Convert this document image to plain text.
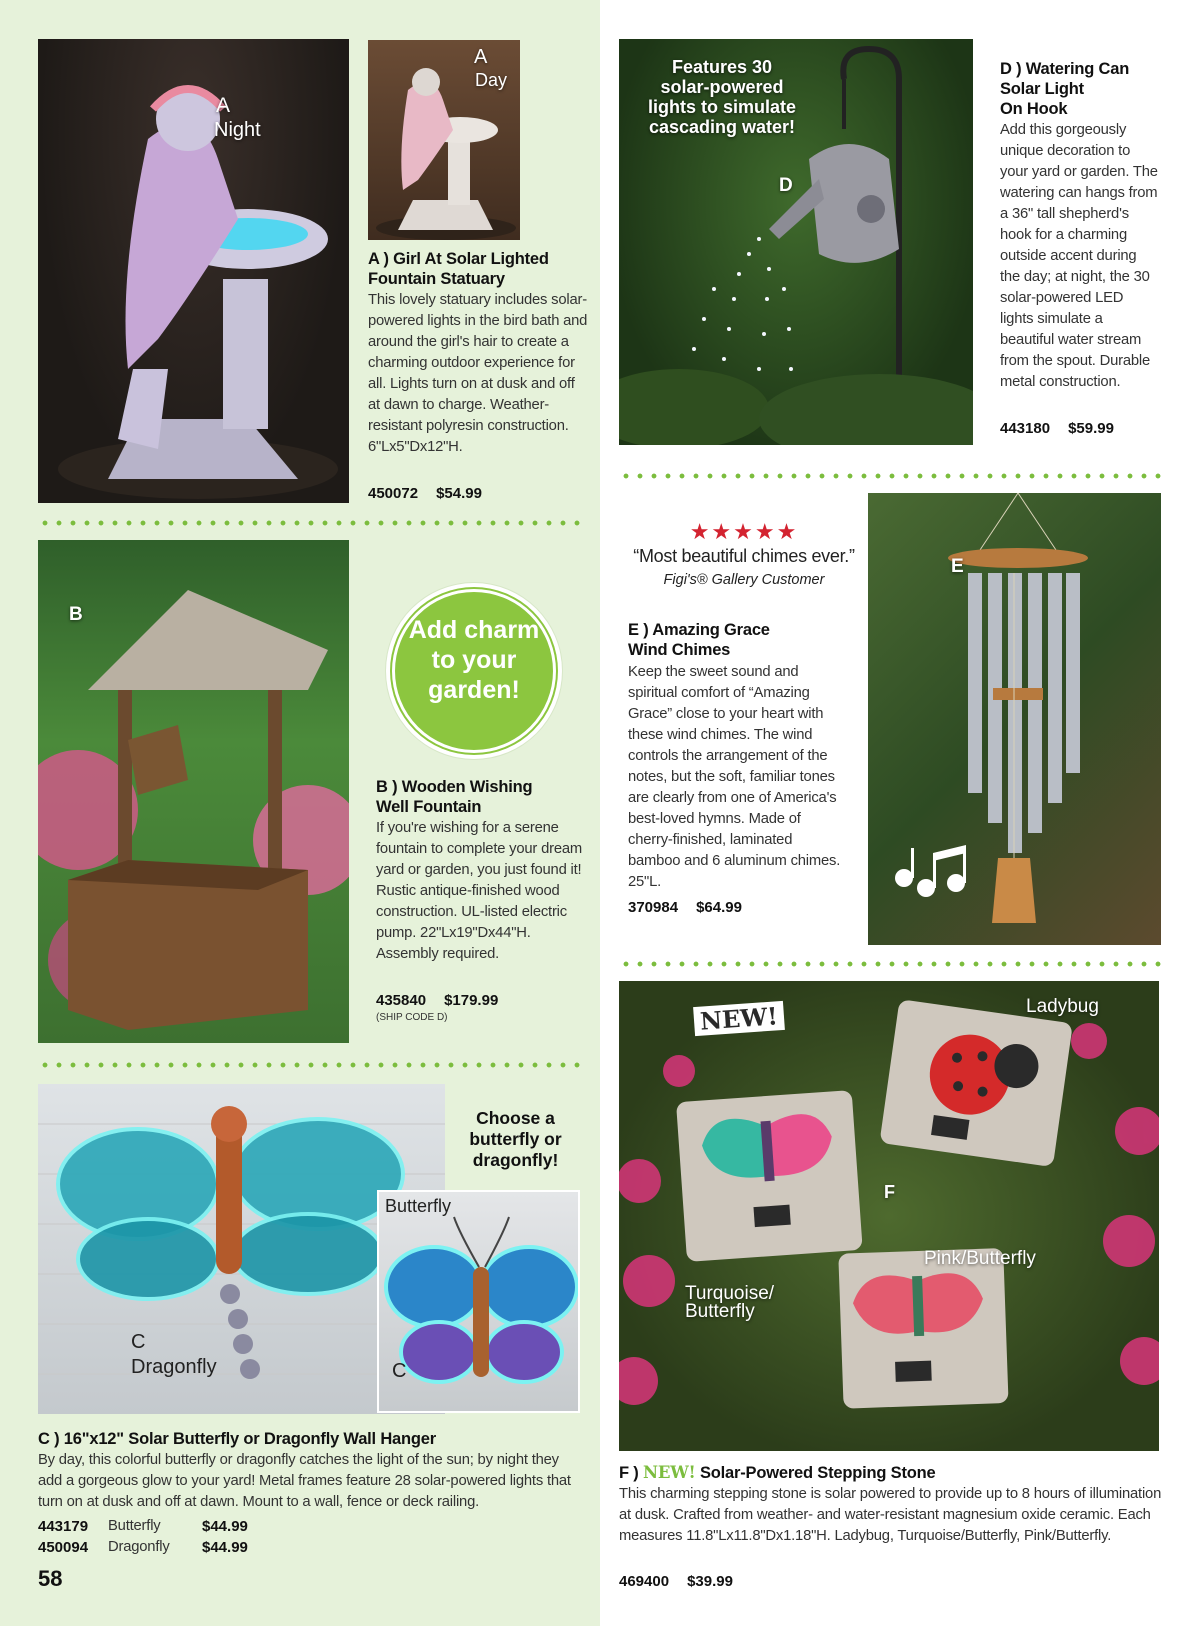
A
Night
A
Day
A ) Girl At Solar Lighted
Fountain Statuary
This lovely statuary includes solar-powered lights in the bird bath and around the girl's hair to create a charming outdoor experience for all. Lights turn on at dusk and off at dawn to charge. Weather-resistant polyresin construction. 6"Lx5"Dx12"H.
450072 $54.99
B
Add charm
to your
garden!
B ) Wooden Wishing
Well Fountain
If you're wishing for a serene fountain to complete your dream yard or garden, you just found it! Rustic antique-finished wood construction. UL-listed electric pump. 22"Lx19"Dx44"H. Assembly required.
435840 $179.99
(SHIP CODE D)
C
Dragonfly
Choose a
butterfly or
dragonfly!
Butterfly
C
C ) 16"x12" Solar Butterfly or Dragonfly Wall Hanger
By day, this colorful butterfly or dragonfly catches the light of the sun; by night they add a gorgeous glow to your yard! Metal frames feature 28 solar-powered lights that turn on at dusk and off at dawn. Mount to a wall, fence or deck railing.
443179	Butterfly	$44.99
450094	Dragonfly	$44.99
58
Features 30
solar-powered
lights to simulate
cascading water!
D
D ) Watering Can
Solar Light
On Hook
Add this gorgeously unique decoration to your yard or garden. The watering can hangs from a 36" tall shepherd's hook for a charming outside accent during the day; at night, the 30 solar-powered LED lights simulate a beautiful water stream from the spout. Durable metal construction.
443180 $59.99
★★★★★
“Most beautiful chimes ever.”
Figi's® Gallery Customer
E ) Amazing Grace
Wind Chimes
Keep the sweet sound and spiritual comfort of “Amazing Grace” close to your heart with these wind chimes. The wind controls the arrangement of the notes, but the soft, familiar tones are clearly from one of America's best-loved hymns. Made of cherry-finished, laminated bamboo and 6 aluminum chimes. 25"L.
370984 $64.99
E
NEW!	Ladybug
F
Pink/Butterfly
Turquoise/
Butterfly
F ) NEW! Solar-Powered Stepping Stone
This charming stepping stone is solar powered to provide up to 8 hours of illumination at dusk. Crafted from weather- and water-resistant magnesium oxide ceramic. Each measures 11.8"Lx11.8"Dx1.18"H. Ladybug, Turquoise/Butterfly, Pink/Butterfly.
469400 $39.99
